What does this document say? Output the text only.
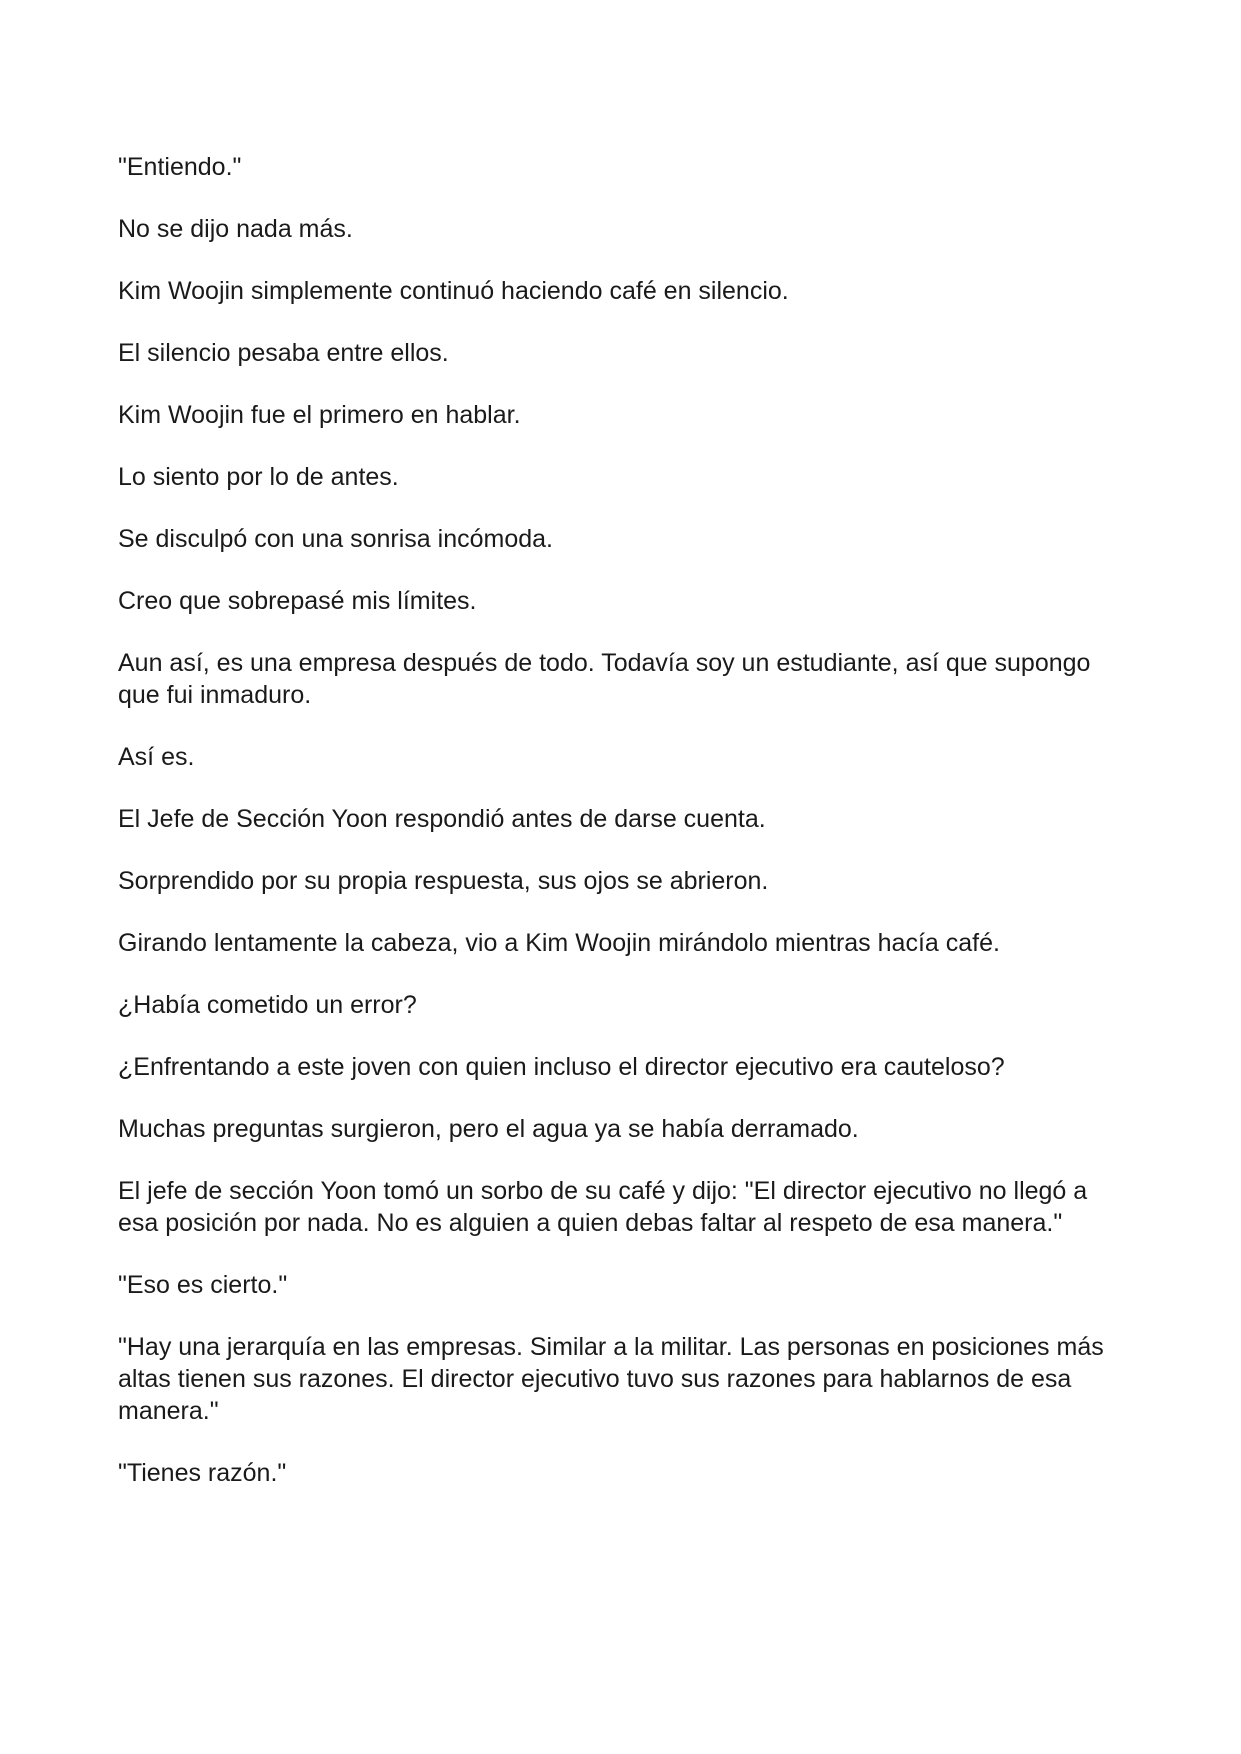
"Entiendo."

No se dijo nada más.

Kim Woojin simplemente continuó haciendo café en silencio.

El silencio pesaba entre ellos.

Kim Woojin fue el primero en hablar.

Lo siento por lo de antes.

Se disculpó con una sonrisa incómoda.

Creo que sobrepasé mis límites.

Aun así, es una empresa después de todo. Todavía soy un estudiante, así que supongo que fui inmaduro.

Así es.

El Jefe de Sección Yoon respondió antes de darse cuenta.

Sorprendido por su propia respuesta, sus ojos se abrieron.

Girando lentamente la cabeza, vio a Kim Woojin mirándolo mientras hacía café.

¿Había cometido un error?

¿Enfrentando a este joven con quien incluso el director ejecutivo era cauteloso?

Muchas preguntas surgieron, pero el agua ya se había derramado.

El jefe de sección Yoon tomó un sorbo de su café y dijo: "El director ejecutivo no llegó a esa posición por nada. No es alguien a quien debas faltar al respeto de esa manera."

"Eso es cierto."

"Hay una jerarquía en las empresas. Similar a la militar. Las personas en posiciones más altas tienen sus razones. El director ejecutivo tuvo sus razones para hablarnos de esa manera."

"Tienes razón."
